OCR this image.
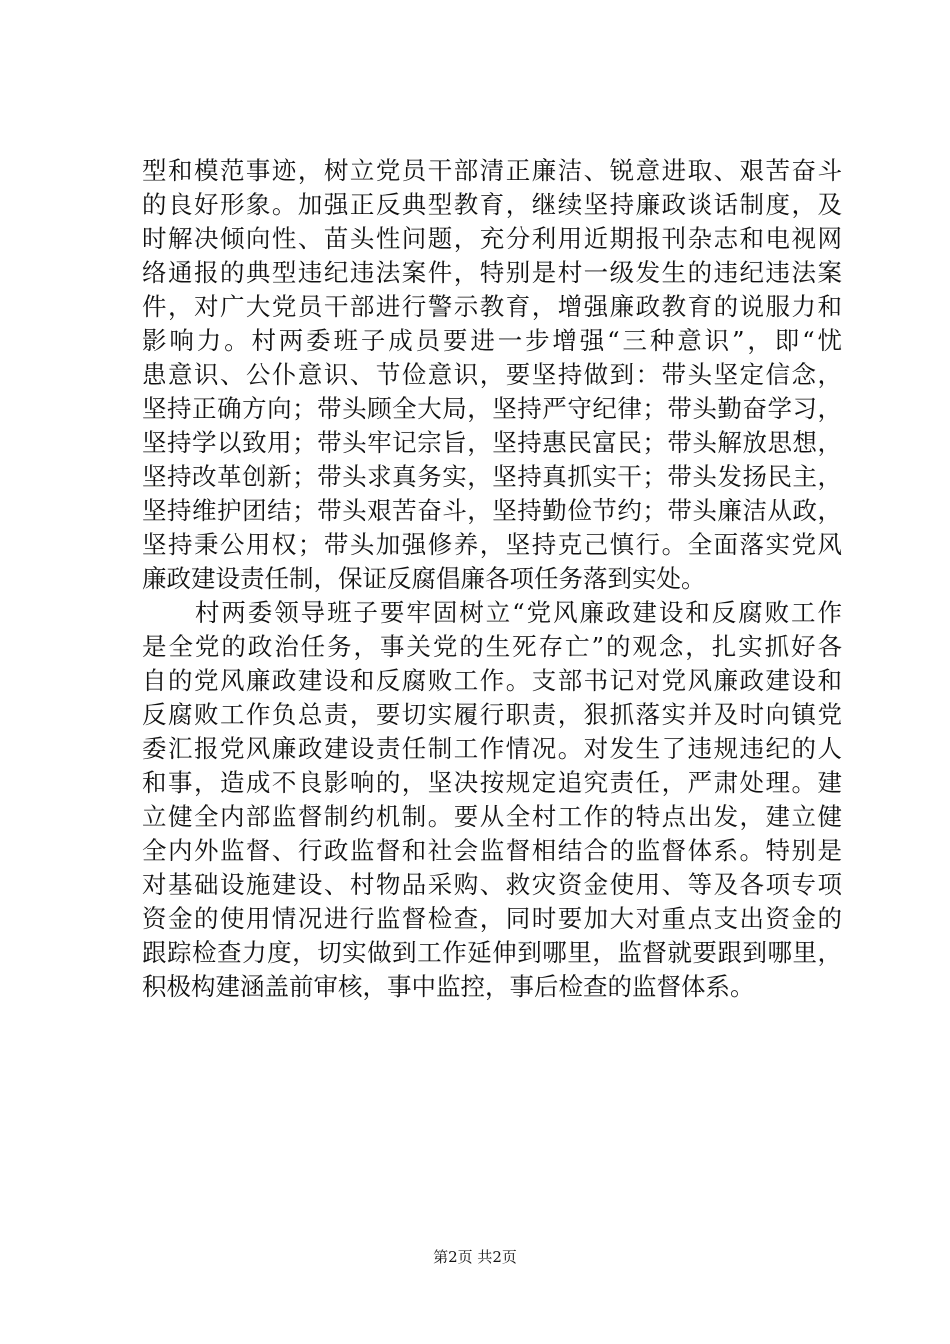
型和模范事迹，树立党员干部清正廉洁、锐意进取、艰苦奋斗
的良好形象。加强正反典型教育，继续坚持廉政谈话制度，及
时解决倾向性、苗头性问题，充分利用近期报刊杂志和电视网
络通报的典型违纪违法案件，特别是村一级发生的违纪违法案
件，对广大党员干部进行警示教育，增强廉政教育的说服力和
影响力。村两委班子成员要进一步增强“三种意识”，即“忧
患意识、公仆意识、节俭意识，要坚持做到：带头坚定信念，
坚持正确方向；带头顾全大局，坚持严守纪律；带头勤奋学习，
坚持学以致用；带头牢记宗旨，坚持惠民富民；带头解放思想，
坚持改革创新；带头求真务实，坚持真抓实干；带头发扬民主，
坚持维护团结；带头艰苦奋斗，坚持勤俭节约；带头廉洁从政，
坚持秉公用权；带头加强修养，坚持克己慎行。全面落实党风
廉政建设责任制，保证反腐倡廉各项任务落到实处。
　　村两委领导班子要牢固树立“党风廉政建设和反腐败工作
是全党的政治任务，事关党的生死存亡”的观念，扎实抓好各
自的党风廉政建设和反腐败工作。支部书记对党风廉政建设和
反腐败工作负总责，要切实履行职责，狠抓落实并及时向镇党
委汇报党风廉政建设责任制工作情况。对发生了违规违纪的人
和事，造成不良影响的，坚决按规定追究责任，严肃处理。建
立健全内部监督制约机制。要从全村工作的特点出发，建立健
全内外监督、行政监督和社会监督相结合的监督体系。特别是
对基础设施建设、村物品采购、救灾资金使用、等及各项专项
资金的使用情况进行监督检查，同时要加大对重点支出资金的
跟踪检查力度，切实做到工作延伸到哪里，监督就要跟到哪里，
积极构建涵盖前审核，事中监控，事后检查的监督体系。
第2页 共2页
